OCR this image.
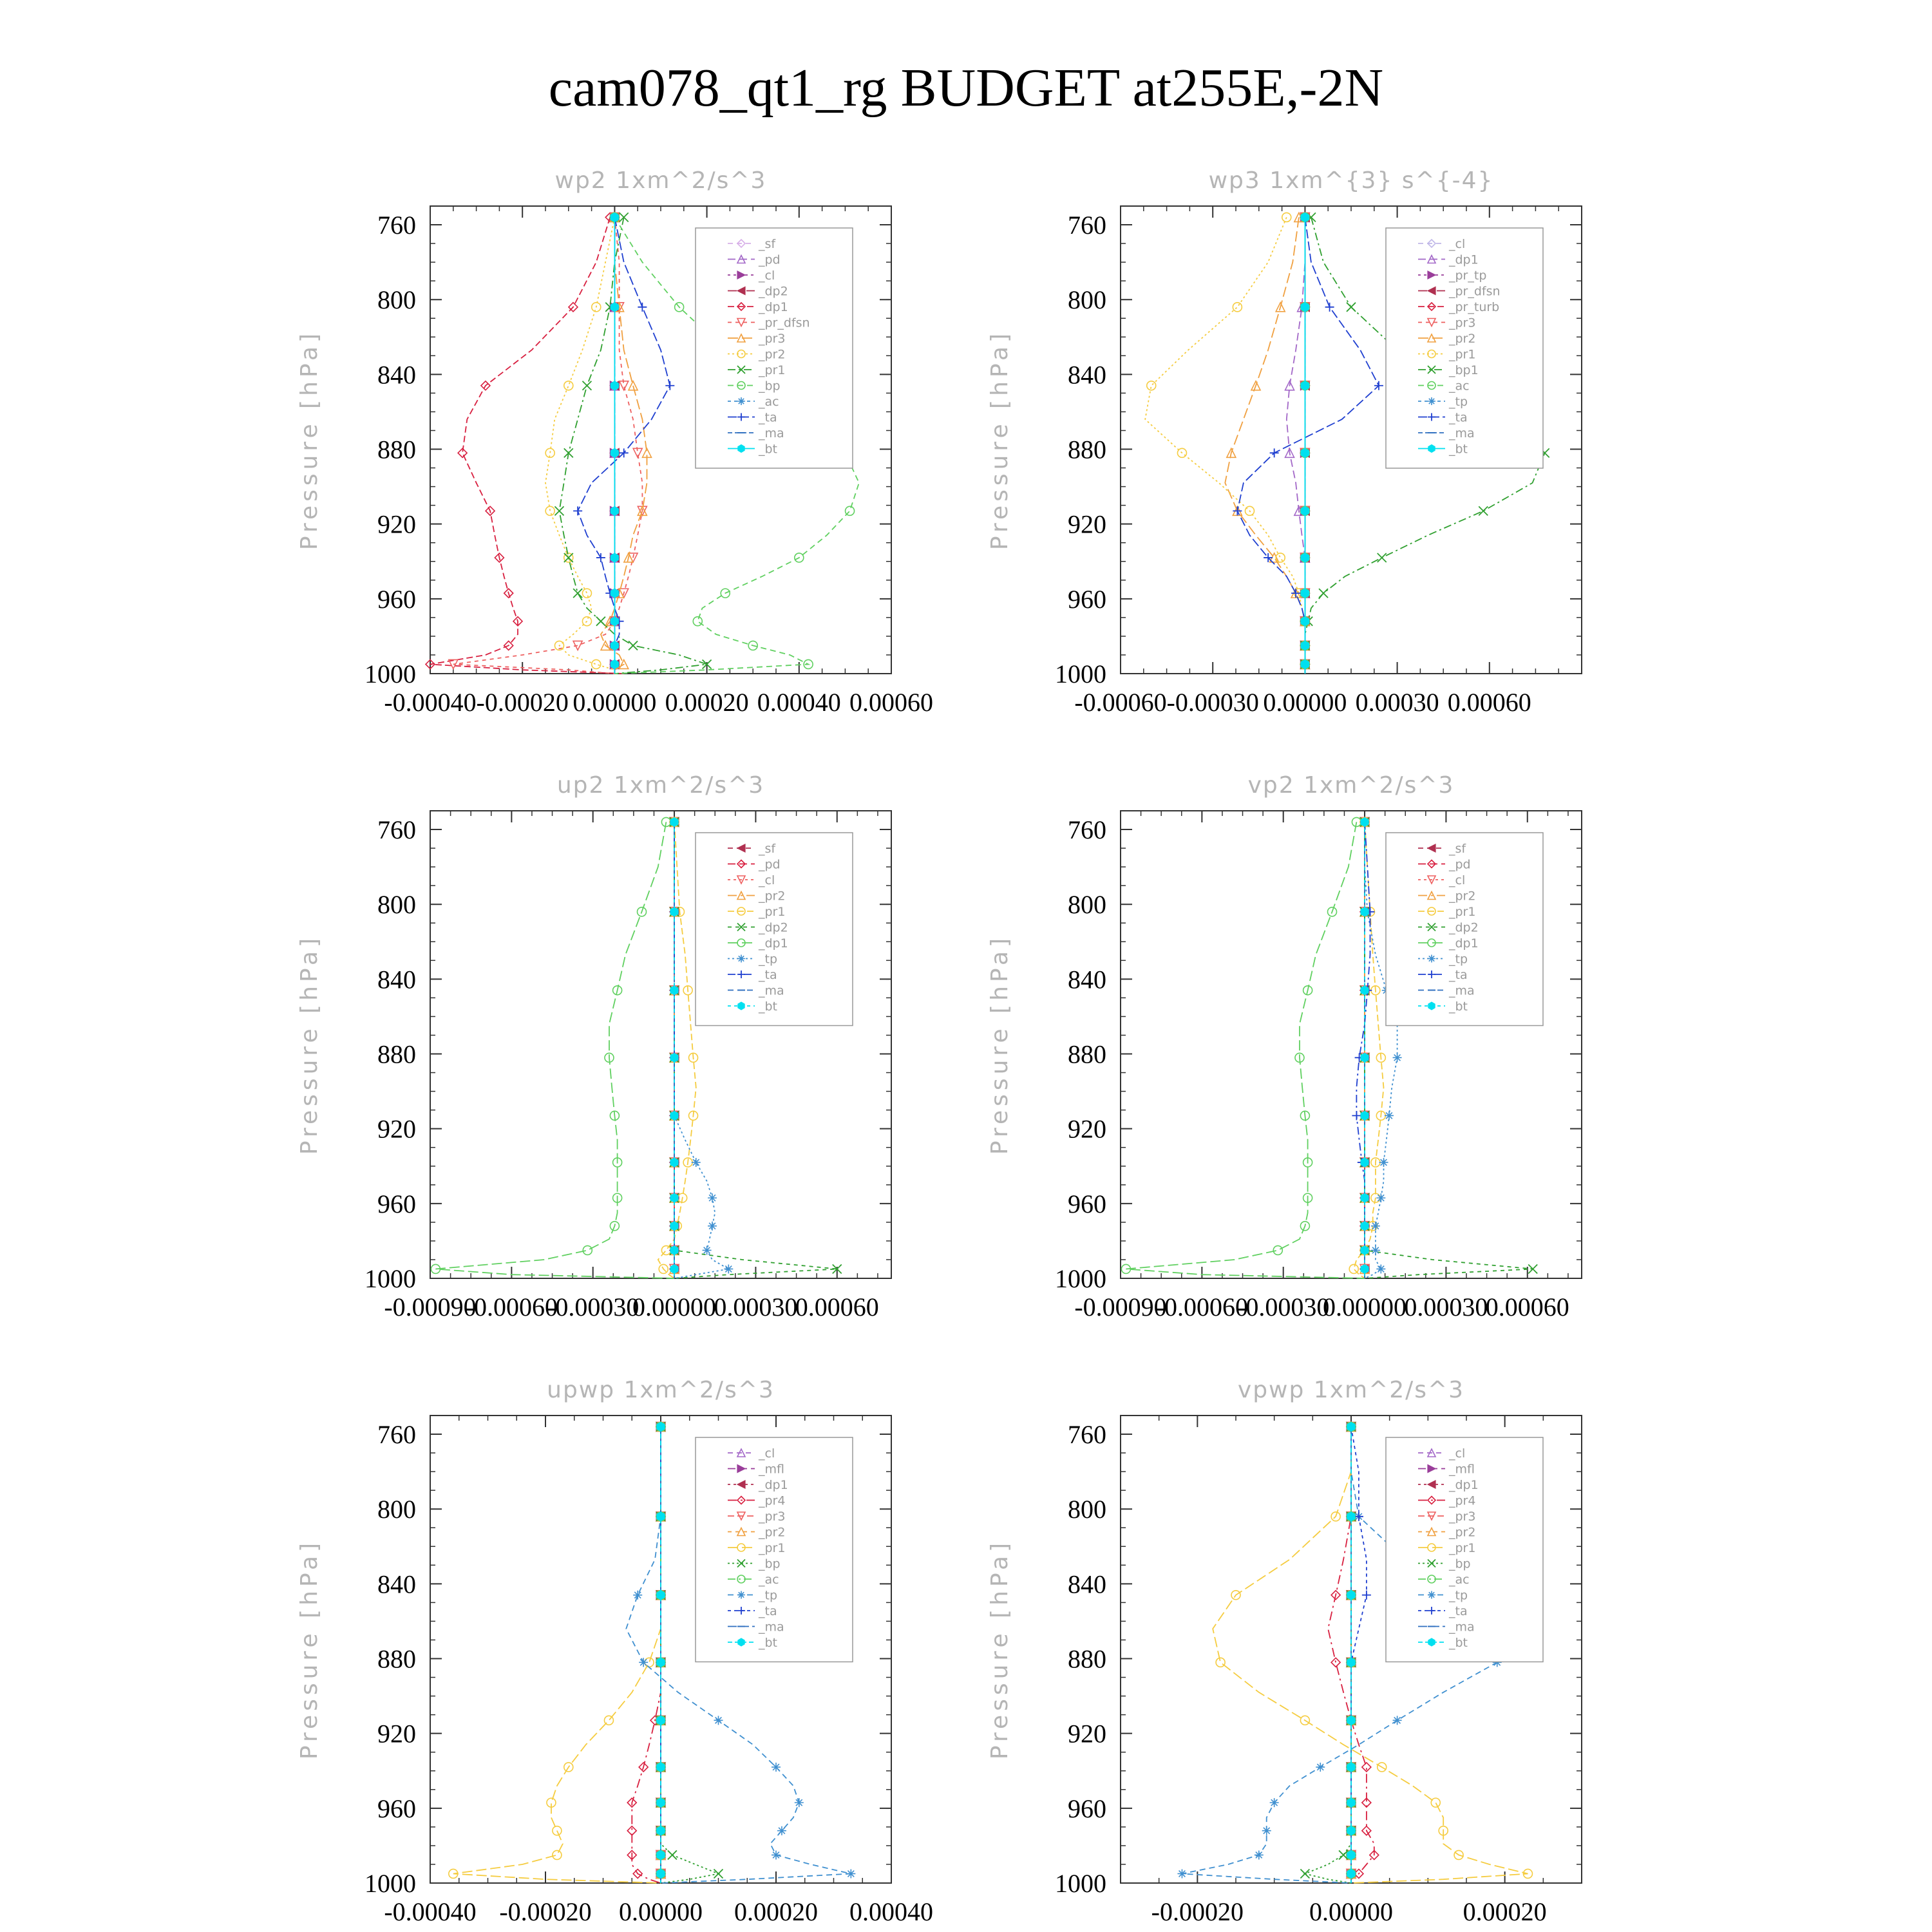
cam078_qt1_rg BUDGET at255E,-2N
wp2 1xm^2/s^3
Pressure [hPa]
760
800
840
880
920
960
1000
-0.00040 -0.00020 0.00000 0.00020 0.00040 0.00060
_sf
_pd
_cl
_dp2
_dp1
_pr_dfsn
_pr3
_pr2
_pr1
_bp
_ac
_ta
_ma
_bt
wp3 1xm^{3} s^{-4}
Pressure [hPa]
760
800
840
880
920
960
1000
-0.00060 -0.00030 0.00000 0.00030 0.00060
_cl
_dp1
_pr_tp
_pr_dfsn
_pr_turb
_pr3
_pr2
_pr1
_bp1
_ac
_tp
_ta
_ma
_bt
up2 1xm^2/s^3
Pressure [hPa]
760
800
840
880
920
960
1000
-0.00090
-0.00060
-0.00030
0.00000
0.00030
0.00060
_sf
_pd
_cl
_pr2
_pr1
_dp2
_dp1
_tp
_ta
_ma
_bt
vp2 1xm^2/s^3
Pressure [hPa]
760
800
840
880
920
960
1000
-0.00090
-0.00060
-0.00030
0.00000
0.00030
0.00060
_sf
_pd
_cl
_pr2
_pr1
_dp2
_dp1
_tp
_ta
_ma
_bt
upwp 1xm^2/s^3
Pressure [hPa]
760
800
840
880
920
960
1000
-0.00040 -0.00020 0.00000 0.00020 0.00040
_cl
_mfl
_dp1
_pr4
_pr3
_pr2
_pr1
_bp
_ac
_tp
_ta
_ma
_bt
vpwp 1xm^2/s^3
Pressure [hPa]
760
800
840
880
920
960
1000
-0.00020	0.00000	0.00020
_cl
_mfl
_dp1
_pr4
_pr3
_pr2
_pr1
_bp
_ac
_tp
_ta
_ma
_bt
